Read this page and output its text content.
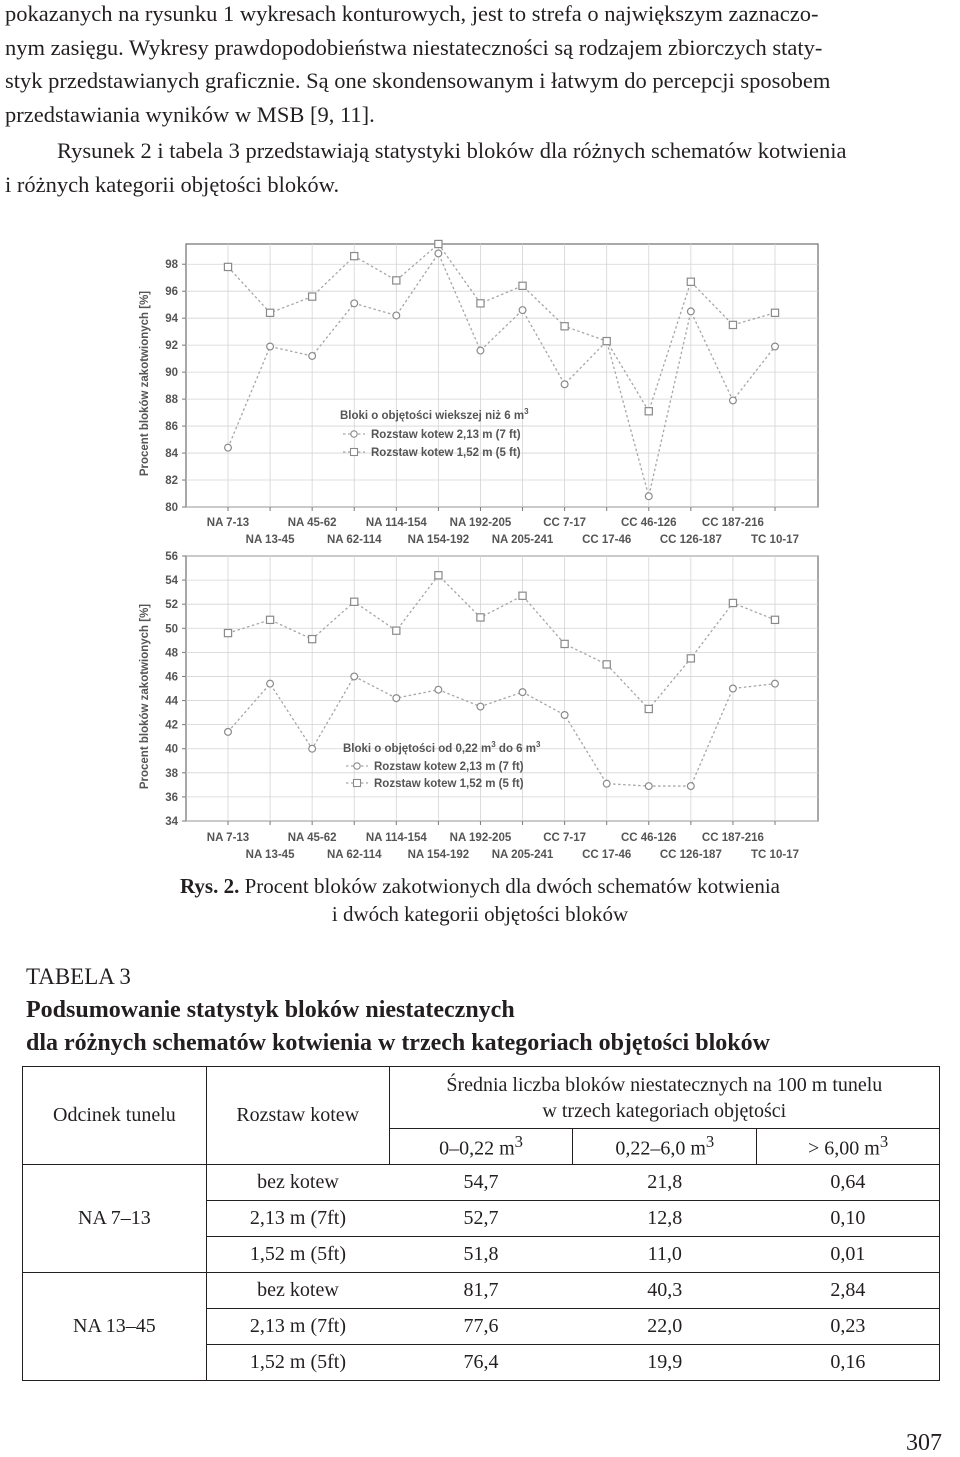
pokazanych na rysunku 1 wykresach konturowych, jest to strefa o największym zaznaczo-
nym zasięgu. Wykresy prawdopodobieństwa niestateczności są rodzajem zbiorczych staty-
styk przedstawianych graficznie. Są one skondensowanym i łatwym do percepcji sposobem
przedstawiania wyników w MSB [9, 11].

Rysunek 2 i tabela 3 przedstawiają statystyki bloków dla różnych schematów kotwienia
i różnych kategorii objętości bloków.

80
82
84
86
88
90
92
94
96
98
Procent bloków zakotwionych [%]
NA 7-13
NA 13-45
NA 45-62
NA 62-114
NA 114-154
NA 154-192
NA 192-205
NA 205-241
CC 7-17
CC 17-46
CC 46-126
CC 126-187
CC 187-216
TC 10-17
Bloki o objętości wiekszej niż 6 $m^3$
Rozstaw kotew 2,13 m (7 ft)
Rozstaw kotew 1,52 m (5 ft)
34
36
38
40
42
44
46
48
50
52
54
56
Procent bloków zakotwionych [%]
NA 7-13
NA 13-45
NA 45-62
NA 62-114
NA 114-154
NA 154-192
NA 192-205
NA 205-241
CC 7-17
CC 17-46
CC 46-126
CC 126-187
CC 187-216
TC 10-17
Bloki o objętości od 0,22 $m^3$ do 6 $m^3$
Rozstaw kotew 2,13 m (7 ft)
Rozstaw kotew 1,52 m (5 ft)
Rys. 2. Procent bloków zakotwionych dla dwóch schematów kotwienia
i dwóch kategorii objętości bloków

TABELA 3

Podsumowanie statystyk bloków niestatecznych
dla różnych schematów kotwienia w trzech kategoriach objętości bloków

Odcinek tunelu	Rozstaw kotew	Średnia liczba bloków niestatecznych na 100 m tunelu
w trzech kategoriach objętości		
		0–0,22 $m^3$	0,22–6,0 $m^3$	> 6,00 $m^3$
NA 7–13	bez kotew	54,7	21,8	0,64
	2,13 m (7ft)	52,7	12,8	0,10
	1,52 m (5ft)	51,8	11,0	0,01
NA 13–45	bez kotew	81,7	40,3	2,84
	2,13 m (7ft)	77,6	22,0	0,23
	1,52 m (5ft)	76,4	19,9	0,16
307
